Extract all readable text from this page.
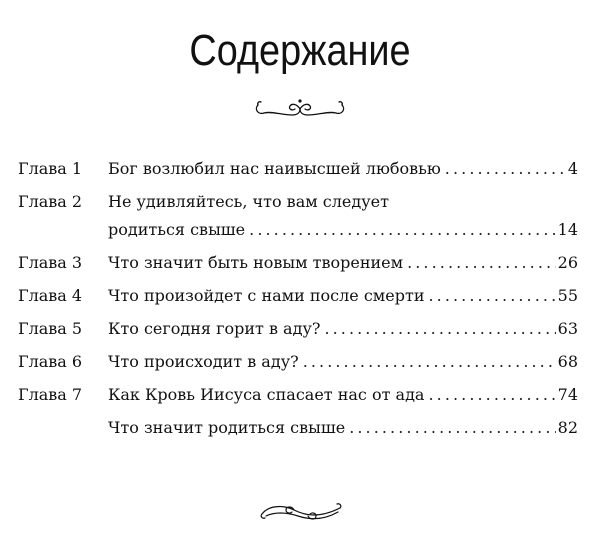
Содержание
Глава 1	Бог возлюбил нас наивысшей любовью . . .	4
Глава 2	Не удивляйтесь, что вам следует
родиться свыше . . .	14
Глава 3	Что значит быть новым творением . . .	26
Глава 4	Что произойдет с нами после смерти . . .	55
Глава 5	Кто сегодня горит в аду? . . .	63
Глава 6	Что происходит в аду? . . .	68
Глава 7	Как Кровь Иисуса спасает нас от ада . . .	74
Что значит родиться свыше . . .	82
